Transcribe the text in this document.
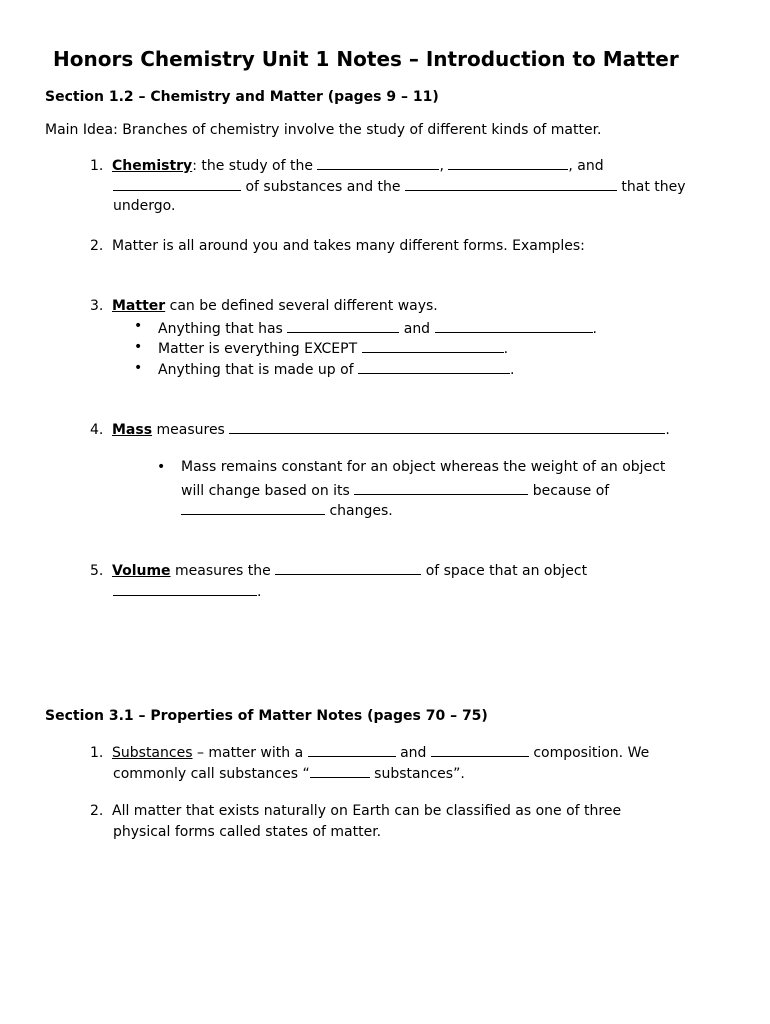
Honors Chemistry Unit 1 Notes – Introduction to Matter
Section 1.2 – Chemistry and Matter (pages 9 – 11)
Main Idea: Branches of chemistry involve the study of different kinds of matter.
1. Chemistry: the study of the	,	, and
of substances and the	that they
undergo.
2. Matter is all around you and takes many different forms. Examples:
3. Matter can be defined several different ways.
• Anything that has	and	.
• Matter is everything EXCEPT	.
• Anything that is made up of	.
4. Mass measures	.
• Mass remains constant for an object whereas the weight of an object
will change based on its	because of
changes.
5. Volume measures the	of space that an object
.
Section 3.1 – Properties of Matter Notes (pages 70 – 75)
1. Substances – matter with a	and	composition. We
commonly call substances “	substances”.
2. All matter that exists naturally on Earth can be classified as one of three
physical forms called states of matter.
